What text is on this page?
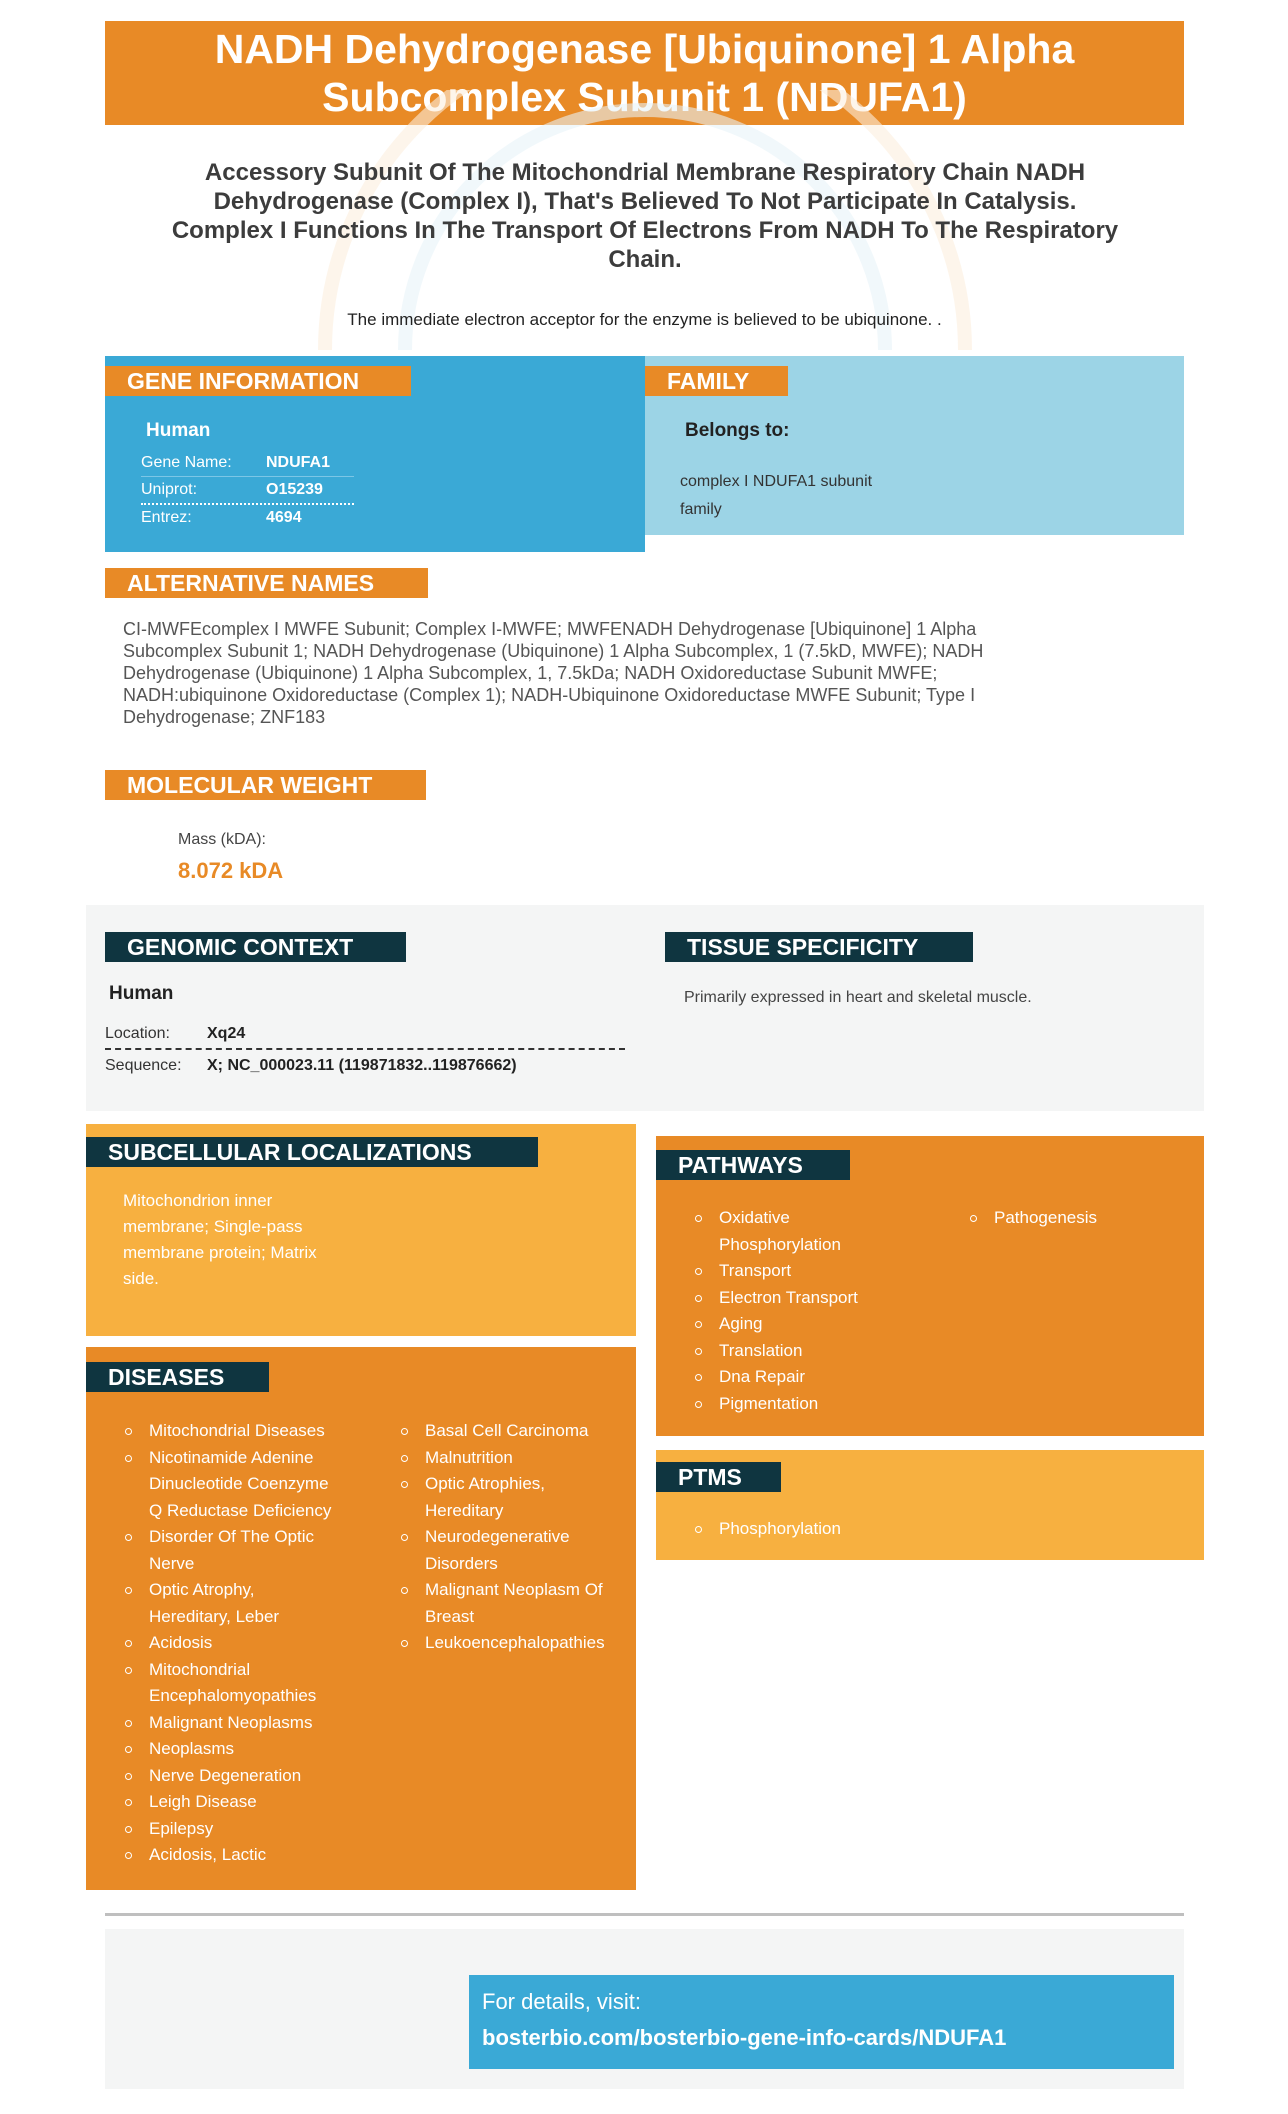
NADH Dehydrogenase [Ubiquinone] 1 Alpha
Subcomplex Subunit 1 (NDUFA1)
Accessory Subunit Of The Mitochondrial Membrane Respiratory Chain NADH
Dehydrogenase (Complex I), That's Believed To Not Participate In Catalysis.
Complex I Functions In The Transport Of Electrons From NADH To The Respiratory
Chain.
The immediate electron acceptor for the enzyme is believed to be ubiquinone. .
GENE INFORMATION
Human
Gene Name:	NDUFA1
Uniprot:	O15239
Entrez:	4694
FAMILY
Belongs to:
complex I NDUFA1 subunit
family
ALTERNATIVE NAMES
CI-MWFEcomplex I MWFE Subunit; Complex I-MWFE; MWFENADH Dehydrogenase [Ubiquinone] 1 Alpha
Subcomplex Subunit 1; NADH Dehydrogenase (Ubiquinone) 1 Alpha Subcomplex, 1 (7.5kD, MWFE); NADH
Dehydrogenase (Ubiquinone) 1 Alpha Subcomplex, 1, 7.5kDa; NADH Oxidoreductase Subunit MWFE;
NADH:ubiquinone Oxidoreductase (Complex 1); NADH-Ubiquinone Oxidoreductase MWFE Subunit; Type I
Dehydrogenase; ZNF183
MOLECULAR WEIGHT
Mass (kDA):
8.072 kDA
GENOMIC CONTEXT
Human
Location:	Xq24
Sequence:	X; NC_000023.11 (119871832..119876662)
TISSUE SPECIFICITY
Primarily expressed in heart and skeletal muscle.
SUBCELLULAR LOCALIZATIONS
Mitochondrion inner
membrane; Single-pass
membrane protein; Matrix
side.
DISEASES
Mitochondrial Diseases
Nicotinamide Adenine
Dinucleotide Coenzyme
Q Reductase Deficiency
Disorder Of The Optic
Nerve
Optic Atrophy,
Hereditary, Leber
Acidosis
Mitochondrial
Encephalomyopathies
Malignant Neoplasms
Neoplasms
Nerve Degeneration
Leigh Disease
Epilepsy
Acidosis, Lactic
Basal Cell Carcinoma
Malnutrition
Optic Atrophies,
Hereditary
Neurodegenerative
Disorders
Malignant Neoplasm Of
Breast
Leukoencephalopathies
PATHWAYS
Oxidative
Phosphorylation
Transport
Electron Transport
Aging
Translation
Dna Repair
Pigmentation
Pathogenesis
PTMS
Phosphorylation
For details, visit:
bosterbio.com/bosterbio-gene-info-cards/NDUFA1
